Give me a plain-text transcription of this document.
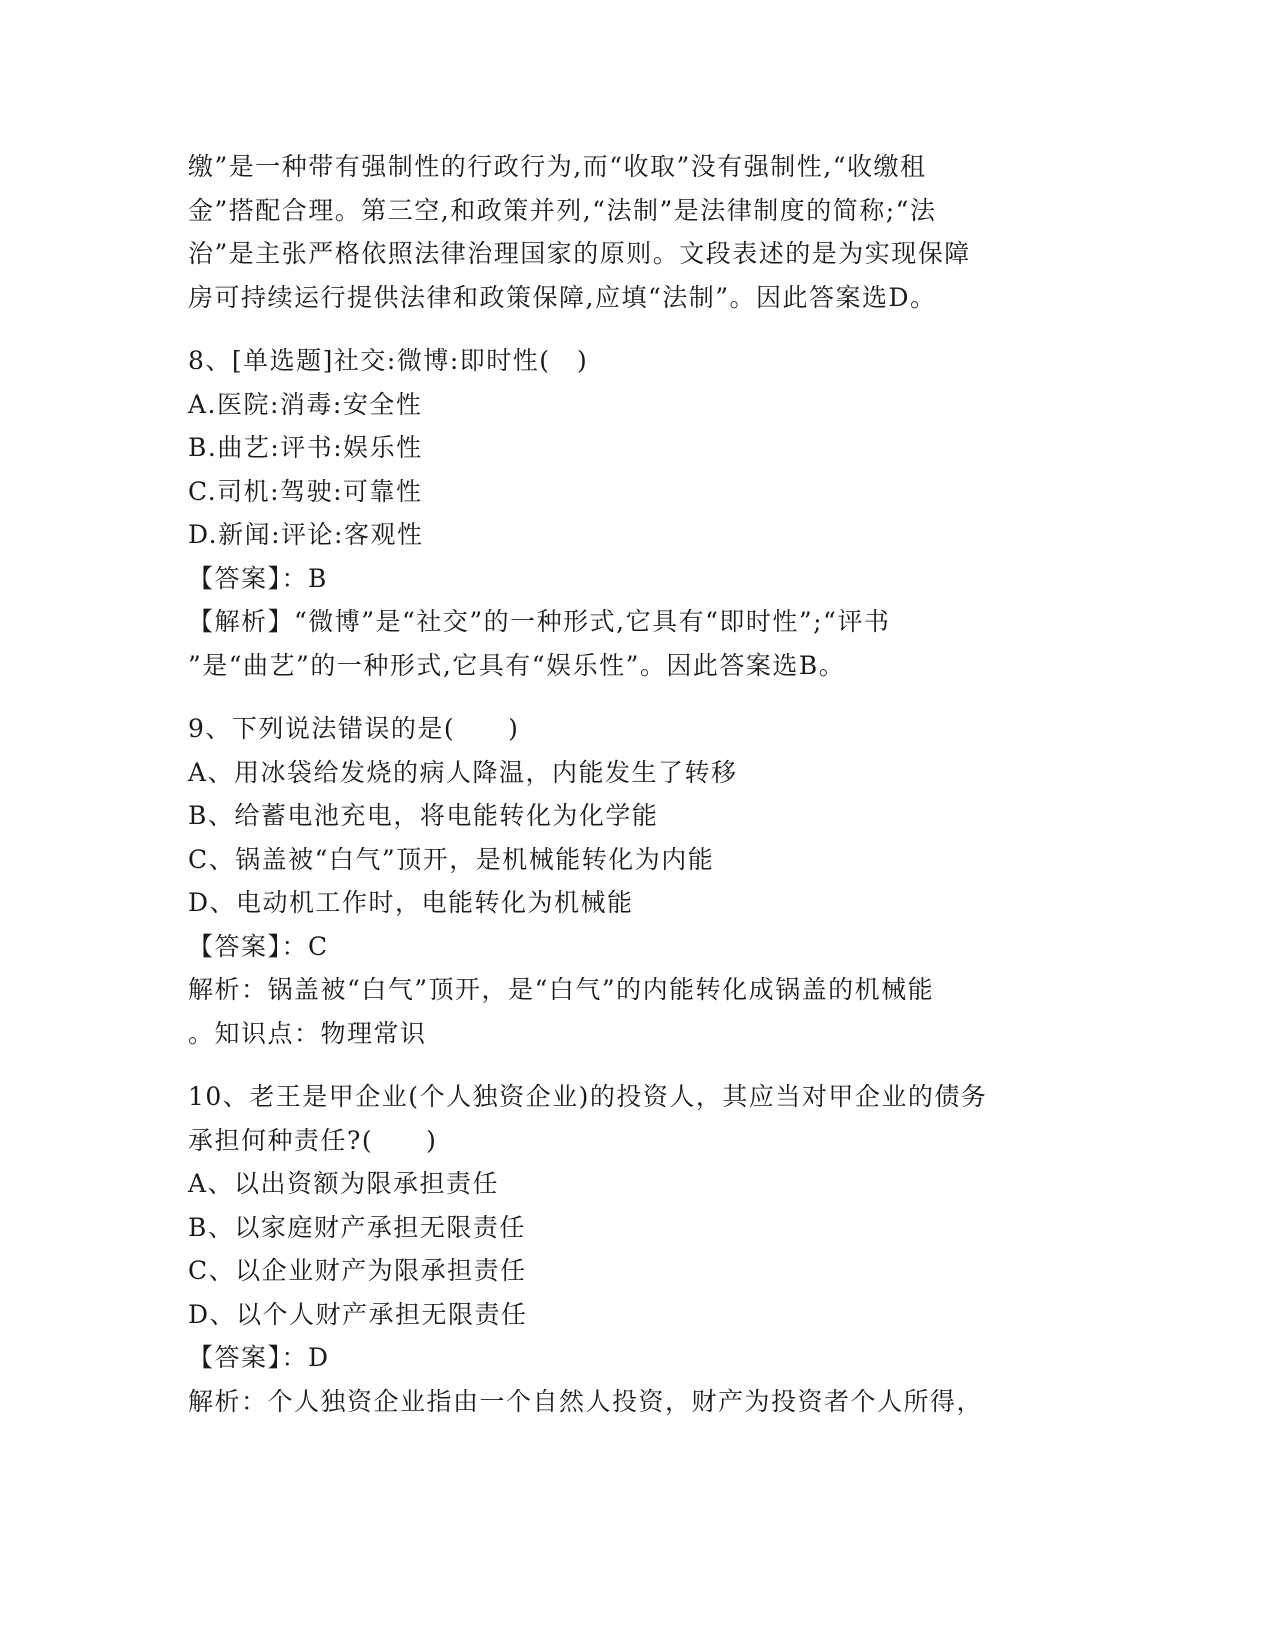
缴”是一种带有强制性的行政行为,而“收取”没有强制性,“收缴租
金”搭配合理。第三空,和政策并列,“法制”是法律制度的简称;“法
治”是主张严格依照法律治理国家的原则。文段表述的是为实现保障
房可持续运行提供法律和政策保障,应填“法制”。因此答案选D。
8、[单选题]社交:微博:即时性(　)
A.医院:消毒:安全性
B.曲艺:评书:娱乐性
C.司机:驾驶:可靠性
D.新闻:评论:客观性
【答案】：B
【解析】“微博”是“社交”的一种形式,它具有“即时性”;“评书
”是“曲艺”的一种形式,它具有“娱乐性”。因此答案选B。
9、下列说法错误的是(　　)
A、用冰袋给发烧的病人降温，内能发生了转移
B、给蓄电池充电，将电能转化为化学能
C、锅盖被“白气”顶开，是机械能转化为内能
D、电动机工作时，电能转化为机械能
【答案】：C
解析：锅盖被“白气”顶开，是“白气”的内能转化成锅盖的机械能
。知识点：物理常识
10、老王是甲企业(个人独资企业)的投资人，其应当对甲企业的债务
承担何种责任?(　　)
A、以出资额为限承担责任
B、以家庭财产承担无限责任
C、以企业财产为限承担责任
D、以个人财产承担无限责任
【答案】：D
解析：个人独资企业指由一个自然人投资，财产为投资者个人所得，
